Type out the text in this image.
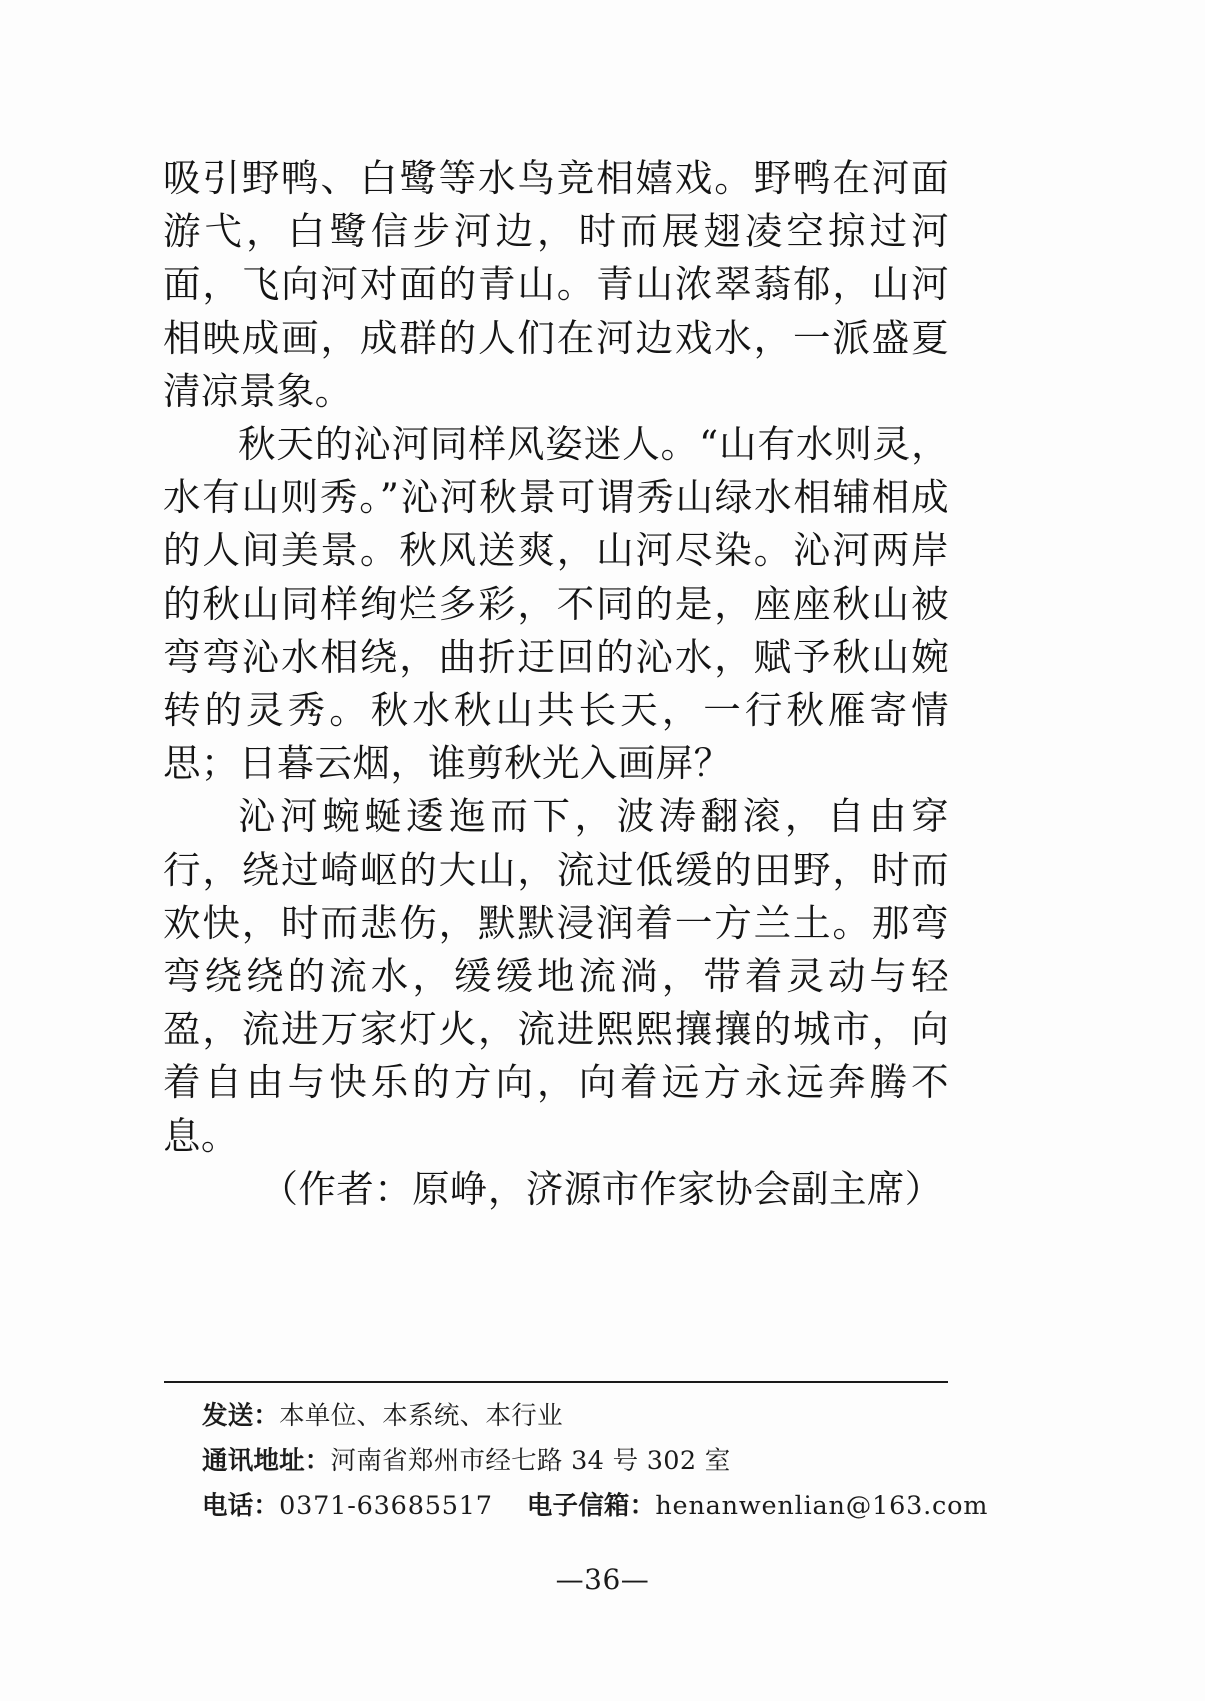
吸引野鸭、白鹭等水鸟竞相嬉戏。野鸭在河面游弋，白鹭信步河边，时而展翅凌空掠过河面，飞向河对面的青山。青山浓翠蓊郁，山河相映成画，成群的人们在河边戏水，一派盛夏清凉景象。

秋天的沁河同样风姿迷人。“山有水则灵，水有山则秀。”沁河秋景可谓秀山绿水相辅相成的人间美景。秋风送爽，山河尽染。沁河两岸的秋山同样绚烂多彩，不同的是，座座秋山被弯弯沁水相绕，曲折迂回的沁水，赋予秋山婉转的灵秀。秋水秋山共长天，一行秋雁寄情思；日暮云烟，谁剪秋光入画屏？

沁河蜿蜒逶迤而下，波涛翻滚，自由穿行，绕过崎岖的大山，流过低缓的田野，时而欢快，时而悲伤，默默浸润着一方兰土。那弯弯绕绕的流水，缓缓地流淌，带着灵动与轻盈，流进万家灯火，流进熙熙攘攘的城市，向着自由与快乐的方向，向着远方永远奔腾不息。

（作者：原峥，济源市作家协会副主席）

发送：本单位、本系统、本行业
通讯地址：河南省郑州市经七路 34 号 302 室
电话：0371-63685517 电子信箱：henanwenlian@163.com
—36—
